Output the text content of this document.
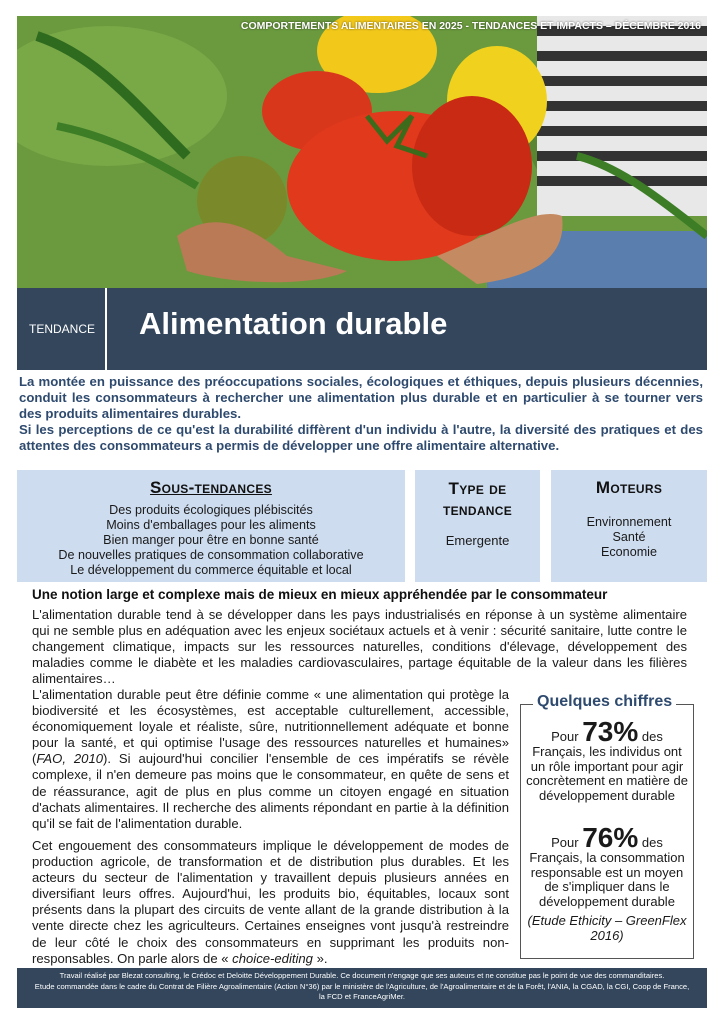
COMPORTEMENTS ALIMENTAIRES EN 2025 - TENDANCES ET IMPACTS – DÉCEMBRE 2016
TENDANCE Alimentation durable

La montée en puissance des préoccupations sociales, écologiques et éthiques, depuis plusieurs décennies, conduit les consommateurs à rechercher une alimentation plus durable et en particulier à se tourner vers des produits alimentaires durables.

Si les perceptions de ce qu'est la durabilité diffèrent d'un individu à l'autre, la diversité des pratiques et des attentes des consommateurs a permis de développer une offre alimentaire alternative.

Sous-tendances
Des produits écologiques plébiscités
Moins d'emballages pour les aliments
Bien manger pour être en bonne santé
De nouvelles pratiques de consommation collaborative
Le développement du commerce équitable et local
Type de
tendance
Emergente
Moteurs
Environnement
Santé
Economie
Une notion large et complexe mais de mieux en mieux appréhendée par le consommateur

L'alimentation durable tend à se développer dans les pays industrialisés en réponse à un système alimentaire qui ne semble plus en adéquation avec les enjeux sociétaux actuels et à venir : sécurité sanitaire, lutte contre le changement climatique, impacts sur les ressources naturelles, conditions d'élevage, développement des maladies comme le diabète et les maladies cardiovasculaires, partage équitable de la valeur dans les filières alimentaires…

L'alimentation durable peut être définie comme « une alimentation qui protège la biodiversité et les écosystèmes, est acceptable culturellement, accessible, économiquement loyale et réaliste, sûre, nutritionnellement adéquate et bonne pour la santé, et qui optimise l'usage des ressources naturelles et humaines» (FAO, 2010). Si aujourd'hui concilier l'ensemble de ces impératifs se révèle complexe, il n'en demeure pas moins que le consommateur, en quête de sens et de réassurance, agit de plus en plus comme un citoyen engagé en situation d'achats alimentaires. Il recherche des aliments répondant en partie à la définition qu'il se fait de l'alimentation durable.

Cet engouement des consommateurs implique le développement de modes de production agricole, de transformation et de distribution plus durables. Et les acteurs du secteur de l'alimentation y travaillent depuis plusieurs années en diversifiant leurs offres. Aujourd'hui, les produits bio, équitables, locaux sont présents dans la plupart des circuits de vente allant de la grande distribution à la vente directe chez les agriculteurs. Certaines enseignes vont jusqu'à restreindre de leur côté le choix des consommateurs en supprimant les produits non-responsables. On parle alors de « choice-editing ».

Quelques chiffres
Pour 73% des Français, les individus ont un rôle important pour agir concrètement en matière de développement durable
Pour 76% des Français, la consommation responsable est un moyen de s'impliquer dans le développement durable
(Etude Ethicity – GreenFlex 2016)
Travail réalisé par Blezat consulting, le Crédoc et Deloitte Développement Durable. Ce document n'engage que ses auteurs et ne constitue pas le point de vue des commanditaires.
Etude commandée dans le cadre du Contrat de Filière Agroalimentaire (Action N°36) par le ministère de l'Agriculture, de l'Agroalimentaire et de la Forêt, l'ANIA, la CGAD, la CGI, Coop de France,
la FCD et FranceAgriMer.
